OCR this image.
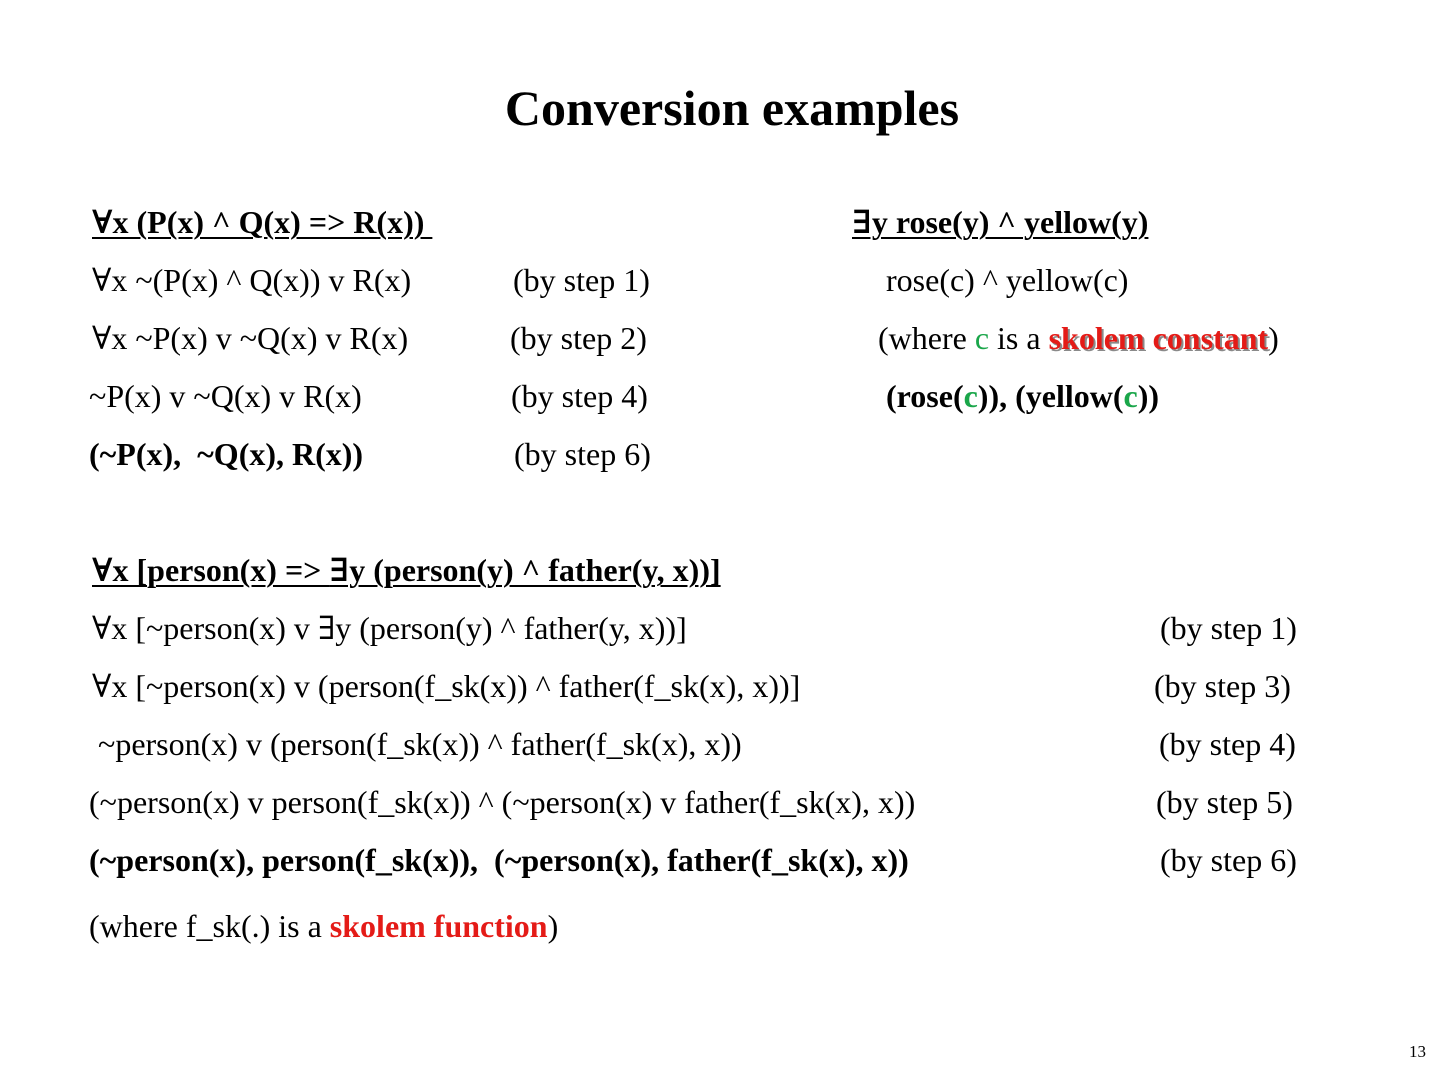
Conversion examples
∀x (P(x) ^ Q(x) => R(x))
∀x ~(P(x) ^ Q(x)) v R(x)	(by step 1)
∀x ~P(x) v ~Q(x) v R(x)	(by step 2)
~P(x) v ~Q(x) v R(x)	(by step 4)
(~P(x),  ~Q(x), R(x))	(by step 6)
∃y rose(y) ^ yellow(y)
rose(c) ^ yellow(c)
(where c is a skolem constant)
(rose(c)), (yellow(c))
∀x [person(x) => ∃y (person(y) ^ father(y, x))]
∀x [~person(x) v ∃y (person(y) ^ father(y, x))]	(by step 1)
∀x [~person(x) v (person(f_sk(x)) ^ father(f_sk(x), x))]	(by step 3)
~person(x) v (person(f_sk(x)) ^ father(f_sk(x), x))	(by step 4)
(~person(x) v person(f_sk(x)) ^ (~person(x) v father(f_sk(x), x))	(by step 5)
(~person(x), person(f_sk(x)),  (~person(x), father(f_sk(x), x))	(by step 6)
(where f_sk(.) is a skolem function)
13
